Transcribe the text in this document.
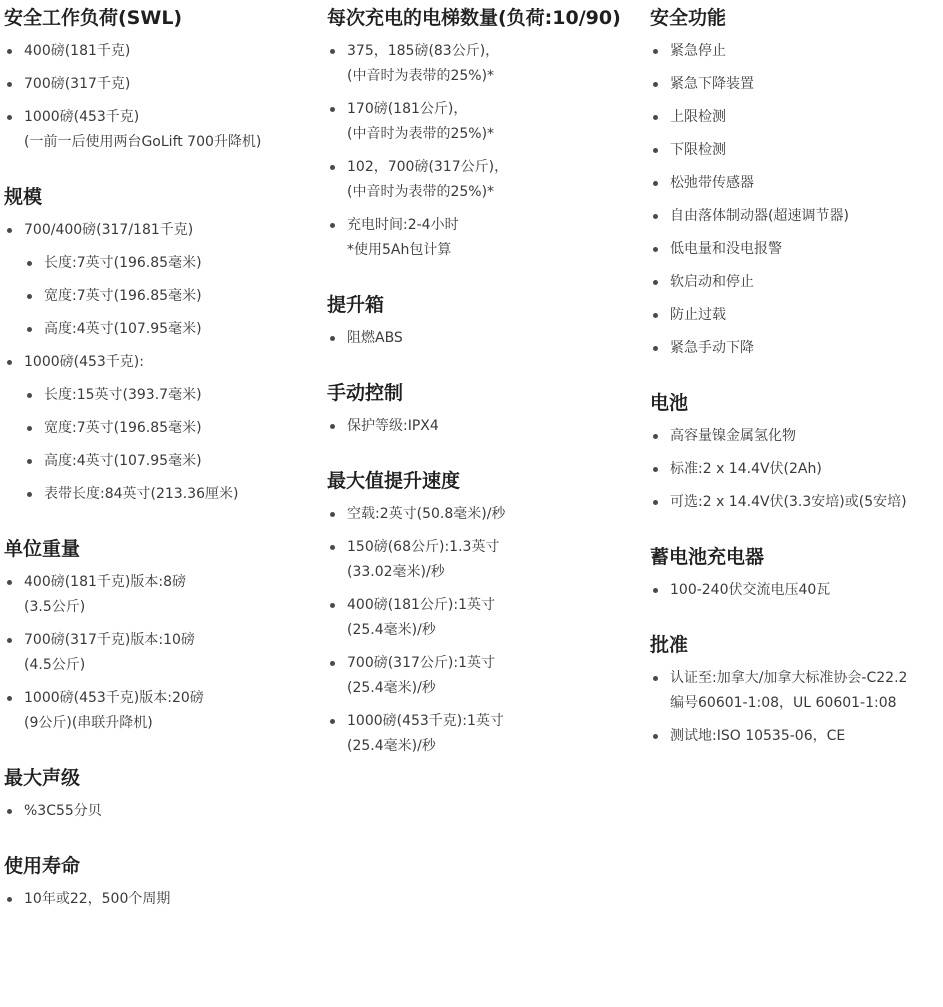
安全工作负荷(SWL)
400磅(181千克)
700磅(317千克)
1000磅(453千克)
(一前一后使用两台GoLift 700升降机)
规模
700/400磅(317/181千克)
长度:7英寸(196.85毫米)
宽度:7英寸(196.85毫米)
高度:4英寸(107.95毫米)
1000磅(453千克):
长度:15英寸(393.7毫米)
宽度:7英寸(196.85毫米)
高度:4英寸(107.95毫米)
表带长度:84英寸(213.36厘米)
单位重量
400磅(181千克)版本:8磅
(3.5公斤)
700磅(317千克)版本:10磅
(4.5公斤)
1000磅(453千克)版本:20磅
(9公斤)(串联升降机)
最大声级
%3C55分贝
使用寿命
10年或22，500个周期
每次充电的电梯数量(负荷:10/90)
375，185磅(83公斤)，
(中音时为表带的25%)*
170磅(181公斤)，
(中音时为表带的25%)*
102，700磅(317公斤)，
(中音时为表带的25%)*
充电时间:2-4小时
*使用5Ah包计算
提升箱
阻燃ABS
手动控制
保护等级:IPX4
最大值提升速度
空载:2英寸(50.8毫米)/秒
150磅(68公斤):1.3英寸
(33.02毫米)/秒
400磅(181公斤):1英寸
(25.4毫米)/秒
700磅(317公斤):1英寸
(25.4毫米)/秒
1000磅(453千克):1英寸
(25.4毫米)/秒
安全功能
紧急停止
紧急下降装置
上限检测
下限检测
松弛带传感器
自由落体制动器(超速调节器)
低电量和没电报警
软启动和停止
防止过载
紧急手动下降
电池
高容量镍金属氢化物
标准:2 x 14.4V伏(2Ah)
可选:2 x 14.4V伏(3.3安培)或(5安培)
蓄电池充电器
100-240伏交流电压40瓦
批准
认证至:加拿大/加拿大标准协会-C22.2
编号60601-1:08，UL 60601-1:08
测试地:ISO 10535-06，CE
